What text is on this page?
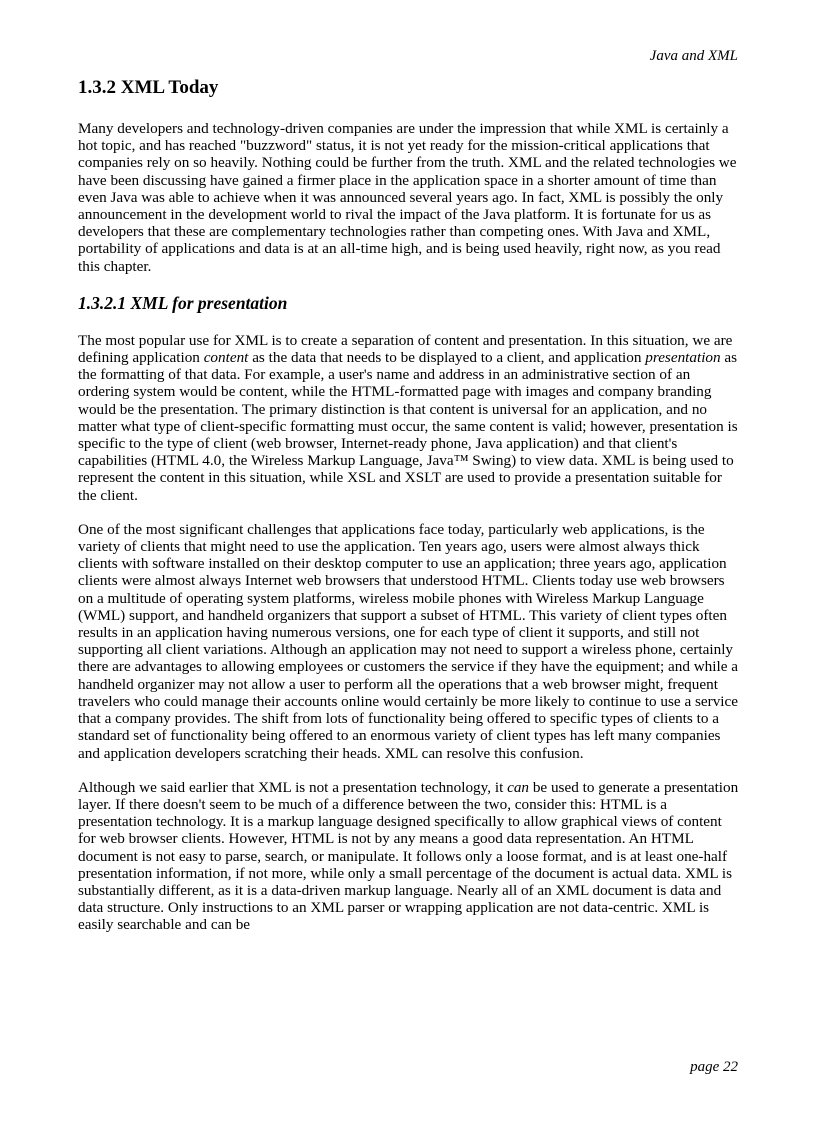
Java and XML
1.3.2 XML Today

Many developers and technology-driven companies are under the impression that while XML is certainly a hot topic, and has reached "buzzword" status, it is not yet ready for the mission-critical applications that companies rely on so heavily. Nothing could be further from the truth. XML and the related technologies we have been discussing have gained a firmer place in the application space in a shorter amount of time than even Java was able to achieve when it was announced several years ago. In fact, XML is possibly the only announcement in the development world to rival the impact of the Java platform. It is fortunate for us as developers that these are complementary technologies rather than competing ones. With Java and XML, portability of applications and data is at an all-time high, and is being used heavily, right now, as you read this chapter.

1.3.2.1 XML for presentation

The most popular use for XML is to create a separation of content and presentation. In this situation, we are defining application content as the data that needs to be displayed to a client, and application presentation as the formatting of that data. For example, a user's name and address in an administrative section of an ordering system would be content, while the HTML-formatted page with images and company branding would be the presentation. The primary distinction is that content is universal for an application, and no matter what type of client-specific formatting must occur, the same content is valid; however, presentation is specific to the type of client (web browser, Internet-ready phone, Java application) and that client's capabilities (HTML 4.0, the Wireless Markup Language, Java™ Swing) to view data. XML is being used to represent the content in this situation, while XSL and XSLT are used to provide a presentation suitable for the client.

One of the most significant challenges that applications face today, particularly web applications, is the variety of clients that might need to use the application. Ten years ago, users were almost always thick clients with software installed on their desktop computer to use an application; three years ago, application clients were almost always Internet web browsers that understood HTML. Clients today use web browsers on a multitude of operating system platforms, wireless mobile phones with Wireless Markup Language (WML) support, and handheld organizers that support a subset of HTML. This variety of client types often results in an application having numerous versions, one for each type of client it supports, and still not supporting all client variations. Although an application may not need to support a wireless phone, certainly there are advantages to allowing employees or customers the service if they have the equipment; and while a handheld organizer may not allow a user to perform all the operations that a web browser might, frequent travelers who could manage their accounts online would certainly be more likely to continue to use a service that a company provides. The shift from lots of functionality being offered to specific types of clients to a standard set of functionality being offered to an enormous variety of client types has left many companies and application developers scratching their heads. XML can resolve this confusion.

Although we said earlier that XML is not a presentation technology, it can be used to generate a presentation layer. If there doesn't seem to be much of a difference between the two, consider this: HTML is a presentation technology. It is a markup language designed specifically to allow graphical views of content for web browser clients. However, HTML is not by any means a good data representation. An HTML document is not easy to parse, search, or manipulate. It follows only a loose format, and is at least one-half presentation information, if not more, while only a small percentage of the document is actual data. XML is substantially different, as it is a data-driven markup language. Nearly all of an XML document is data and data structure. Only instructions to an XML parser or wrapping application are not data-centric. XML is easily searchable and can be

page 22
